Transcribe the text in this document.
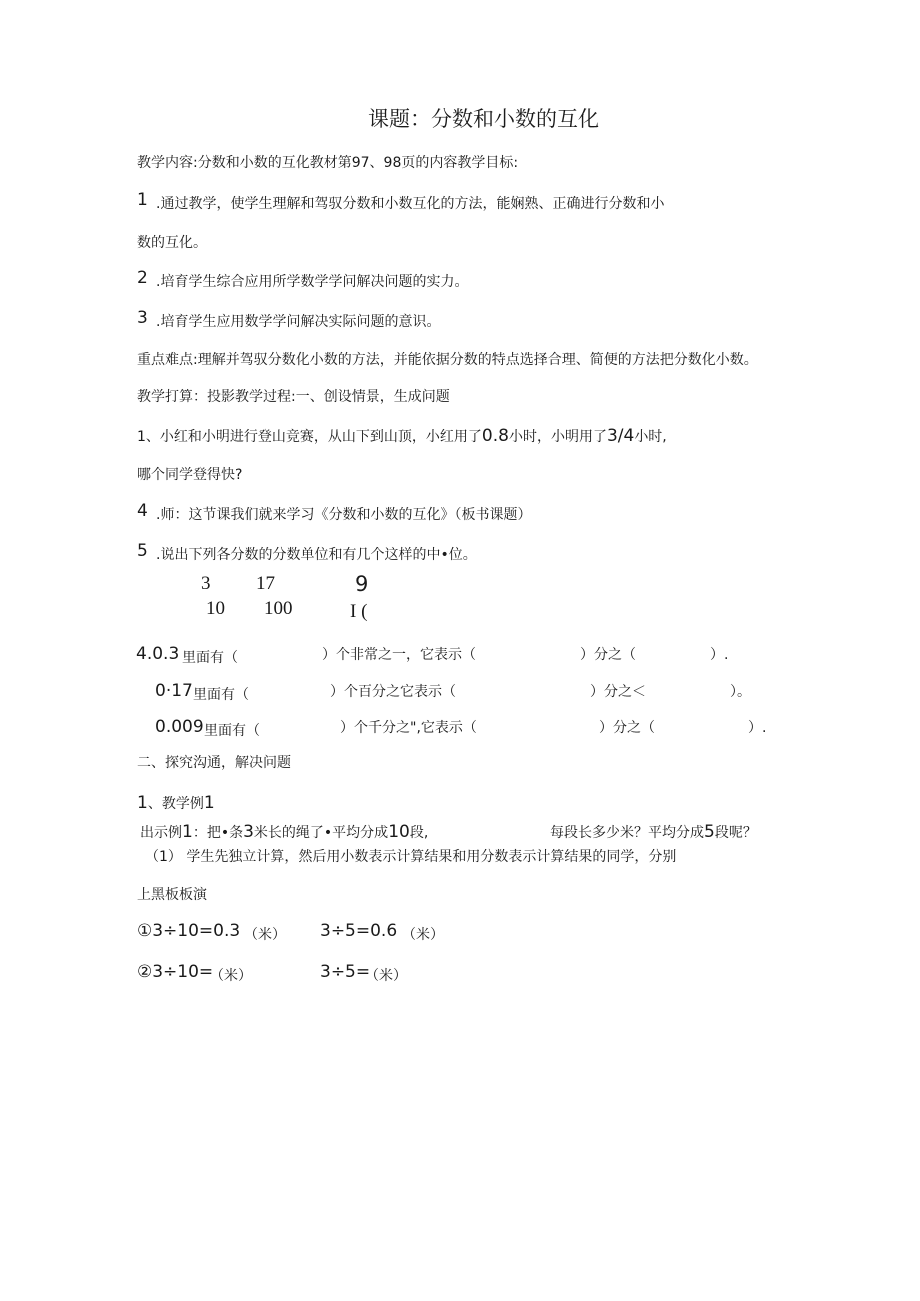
课题：分数和小数的互化
教学内容:分数和小数的互化教材第97、98页的内容教学目标:
1 .通过教学，使学生理解和驾驭分数和小数互化的方法，能娴熟、正确进行分数和小
数的互化。
2 .培育学生综合应用所学数学学问解决问题的实力。
3 .培育学生应用数学学问解决实际问题的意识。
重点难点:理解并驾驭分数化小数的方法，并能依据分数的特点选择合理、简便的方法把分数化小数。
教学打算：投影教学过程:一、创设情景，生成问题
1、小红和小明进行登山竞赛，从山下到山顶，小红用了0.8小时，小明用了3/4小时,
哪个同学登得快?
4 .师：这节课我们就来学习《分数和小数的互化》（板书课题）
5 .说出下列各分数的分数单位和有几个这样的中•位。
3
10
17
100
9
I (
4.0.3 里面有（	）个非常之一，它表示（	）分之（	）.
0·17 里面有（	）个百分之它表示（	）分之＜	）。
0.009 里面有（	）个千分之",它表示（	）分之（	）.
二、探究沟通，解决问题
1、教学例1
出示例1：把•条3米长的绳了•平均分成10段,	每段长多少米？平均分成5段呢？
（1） 学生先独立计算，然后用小数表示计算结果和用分数表示计算结果的同学，分别
上黑板板演
①3÷10=0.3 （米） 3÷5=0.6 （米）
②3÷10=
（米）	3÷5=
（米）
